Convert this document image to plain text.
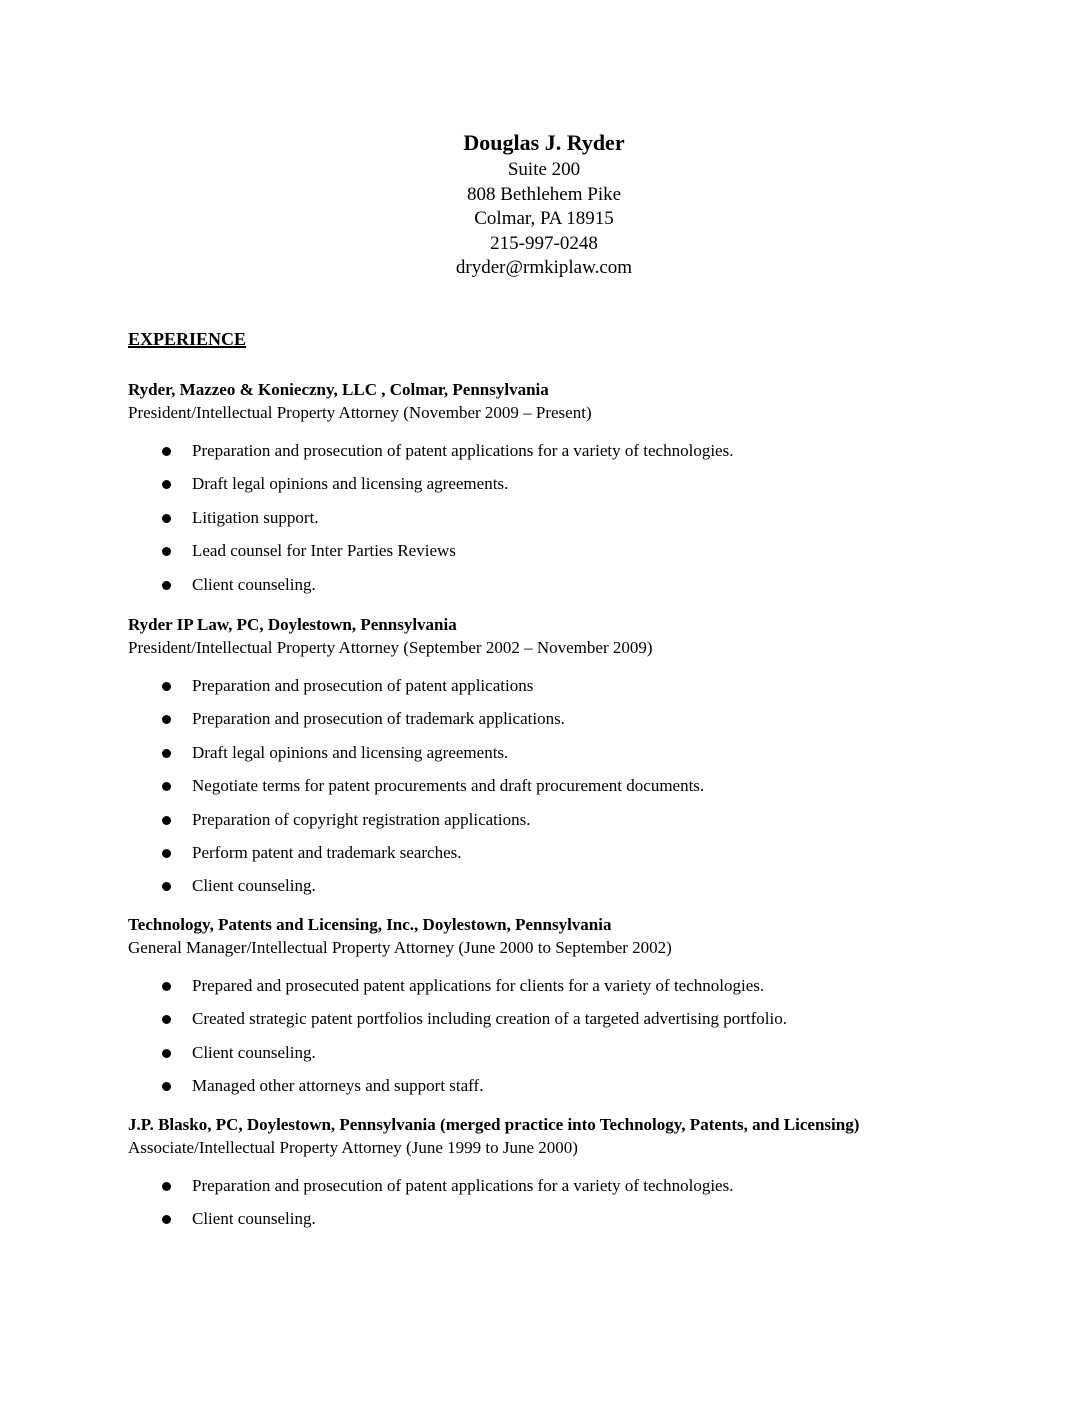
Douglas J. Ryder
Suite 200
808 Bethlehem Pike
Colmar, PA 18915
215-997-0248
dryder@rmkiplaw.com
EXPERIENCE
Ryder, Mazzeo & Konieczny, LLC , Colmar, Pennsylvania
President/Intellectual Property Attorney (November 2009 – Present)
Preparation and prosecution of patent applications for a variety of technologies.
Draft legal opinions and licensing agreements.
Litigation support.
Lead counsel for Inter Parties Reviews
Client counseling.
Ryder IP Law, PC, Doylestown, Pennsylvania
President/Intellectual Property Attorney (September 2002 – November 2009)
Preparation and prosecution of patent applications
Preparation and prosecution of trademark applications.
Draft legal opinions and licensing agreements.
Negotiate terms for patent procurements and draft procurement documents.
Preparation of copyright registration applications.
Perform patent and trademark searches.
Client counseling.
Technology, Patents and Licensing, Inc., Doylestown, Pennsylvania
General Manager/Intellectual Property Attorney (June 2000 to September 2002)
Prepared and prosecuted patent applications for clients for a variety of technologies.
Created strategic patent portfolios including creation of a targeted advertising portfolio.
Client counseling.
Managed other attorneys and support staff.
J.P. Blasko, PC, Doylestown, Pennsylvania (merged practice into Technology, Patents, and Licensing)
Associate/Intellectual Property Attorney (June 1999 to June 2000)
Preparation and prosecution of patent applications for a variety of technologies.
Client counseling.
